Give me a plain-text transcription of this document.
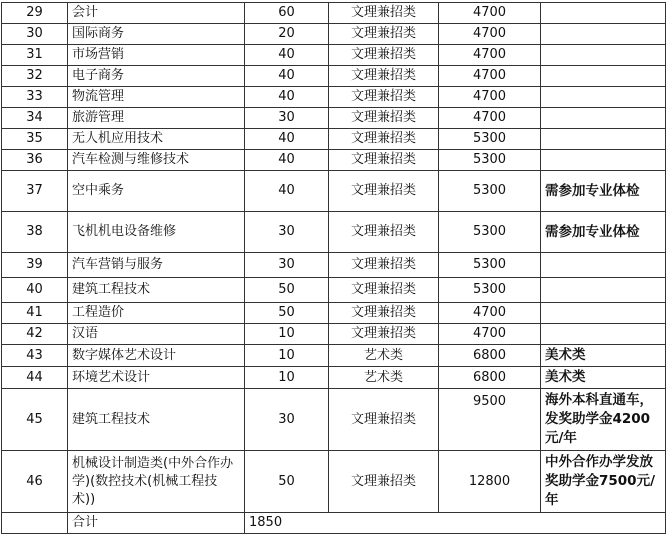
29	会计	60	文理兼招类	4700	
30	国际商务	20	文理兼招类	4700	
31	市场营销	40	文理兼招类	4700	
32	电子商务	40	文理兼招类	4700	
33	物流管理	40	文理兼招类	4700	
34	旅游管理	30	文理兼招类	4700	
35	无人机应用技术	40	文理兼招类	5300	
36	汽车检测与维修技术	40	文理兼招类	5300	
37	空中乘务	40	文理兼招类	5300	需参加专业体检
38	飞机机电设备维修	30	文理兼招类	5300	需参加专业体检
39	汽车营销与服务	30	文理兼招类	5300	
40	建筑工程技术	50	文理兼招类	5300	
41	工程造价	50	文理兼招类	4700	
42	汉语	10	文理兼招类	4700	
43	数字媒体艺术设计	10	艺术类	6800	美术类
44	环境艺术设计	10	艺术类	6800	美术类
45	建筑工程技术	30	文理兼招类	9500	海外本科直通车，发奖助学金4200元/年
46	机械设计制造类(中外合作办学)(数控技术(机械工程技术))	50	文理兼招类	12800	中外合作办学发放奖助学金7500元/年
	合计	1850			
